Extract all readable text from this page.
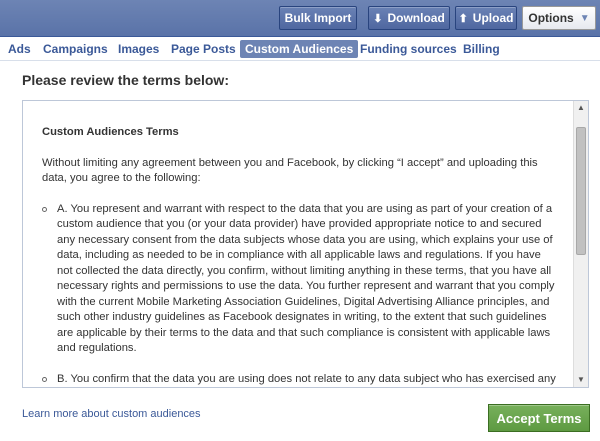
Bulk Import ⬇ Download ⬆ Upload Options ▼
Ads	Campaigns Images Page Posts Custom Audiences Funding sources Billing
Please review the terms below:
Custom Audiences Terms
Without limiting any agreement between you and Facebook, by clicking “I accept” and uploading this data, you agree to the following:
A. You represent and warrant with respect to the data that you are using as part of your creation of a custom audience that you (or your data provider) have provided appropriate notice to and secured any necessary consent from the data subjects whose data you are using, which explains your use of data, including as needed to be in compliance with all applicable laws and regulations. If you have not collected the data directly, you confirm, without limiting anything in these terms, that you have all necessary rights and permissions to use the data. You further represent and warrant that you comply with the current Mobile Marketing Association Guidelines, Digital Advertising Alliance principles, and such other industry guidelines as Facebook designates in writing, to the extent that such guidelines are applicable by their terms to the data and that such compliance is consistent with applicable laws and regulations.
B. You confirm that the data you are using does not relate to any data subject who has exercised any
▲
▼
Learn more about custom audiences	Accept Terms
